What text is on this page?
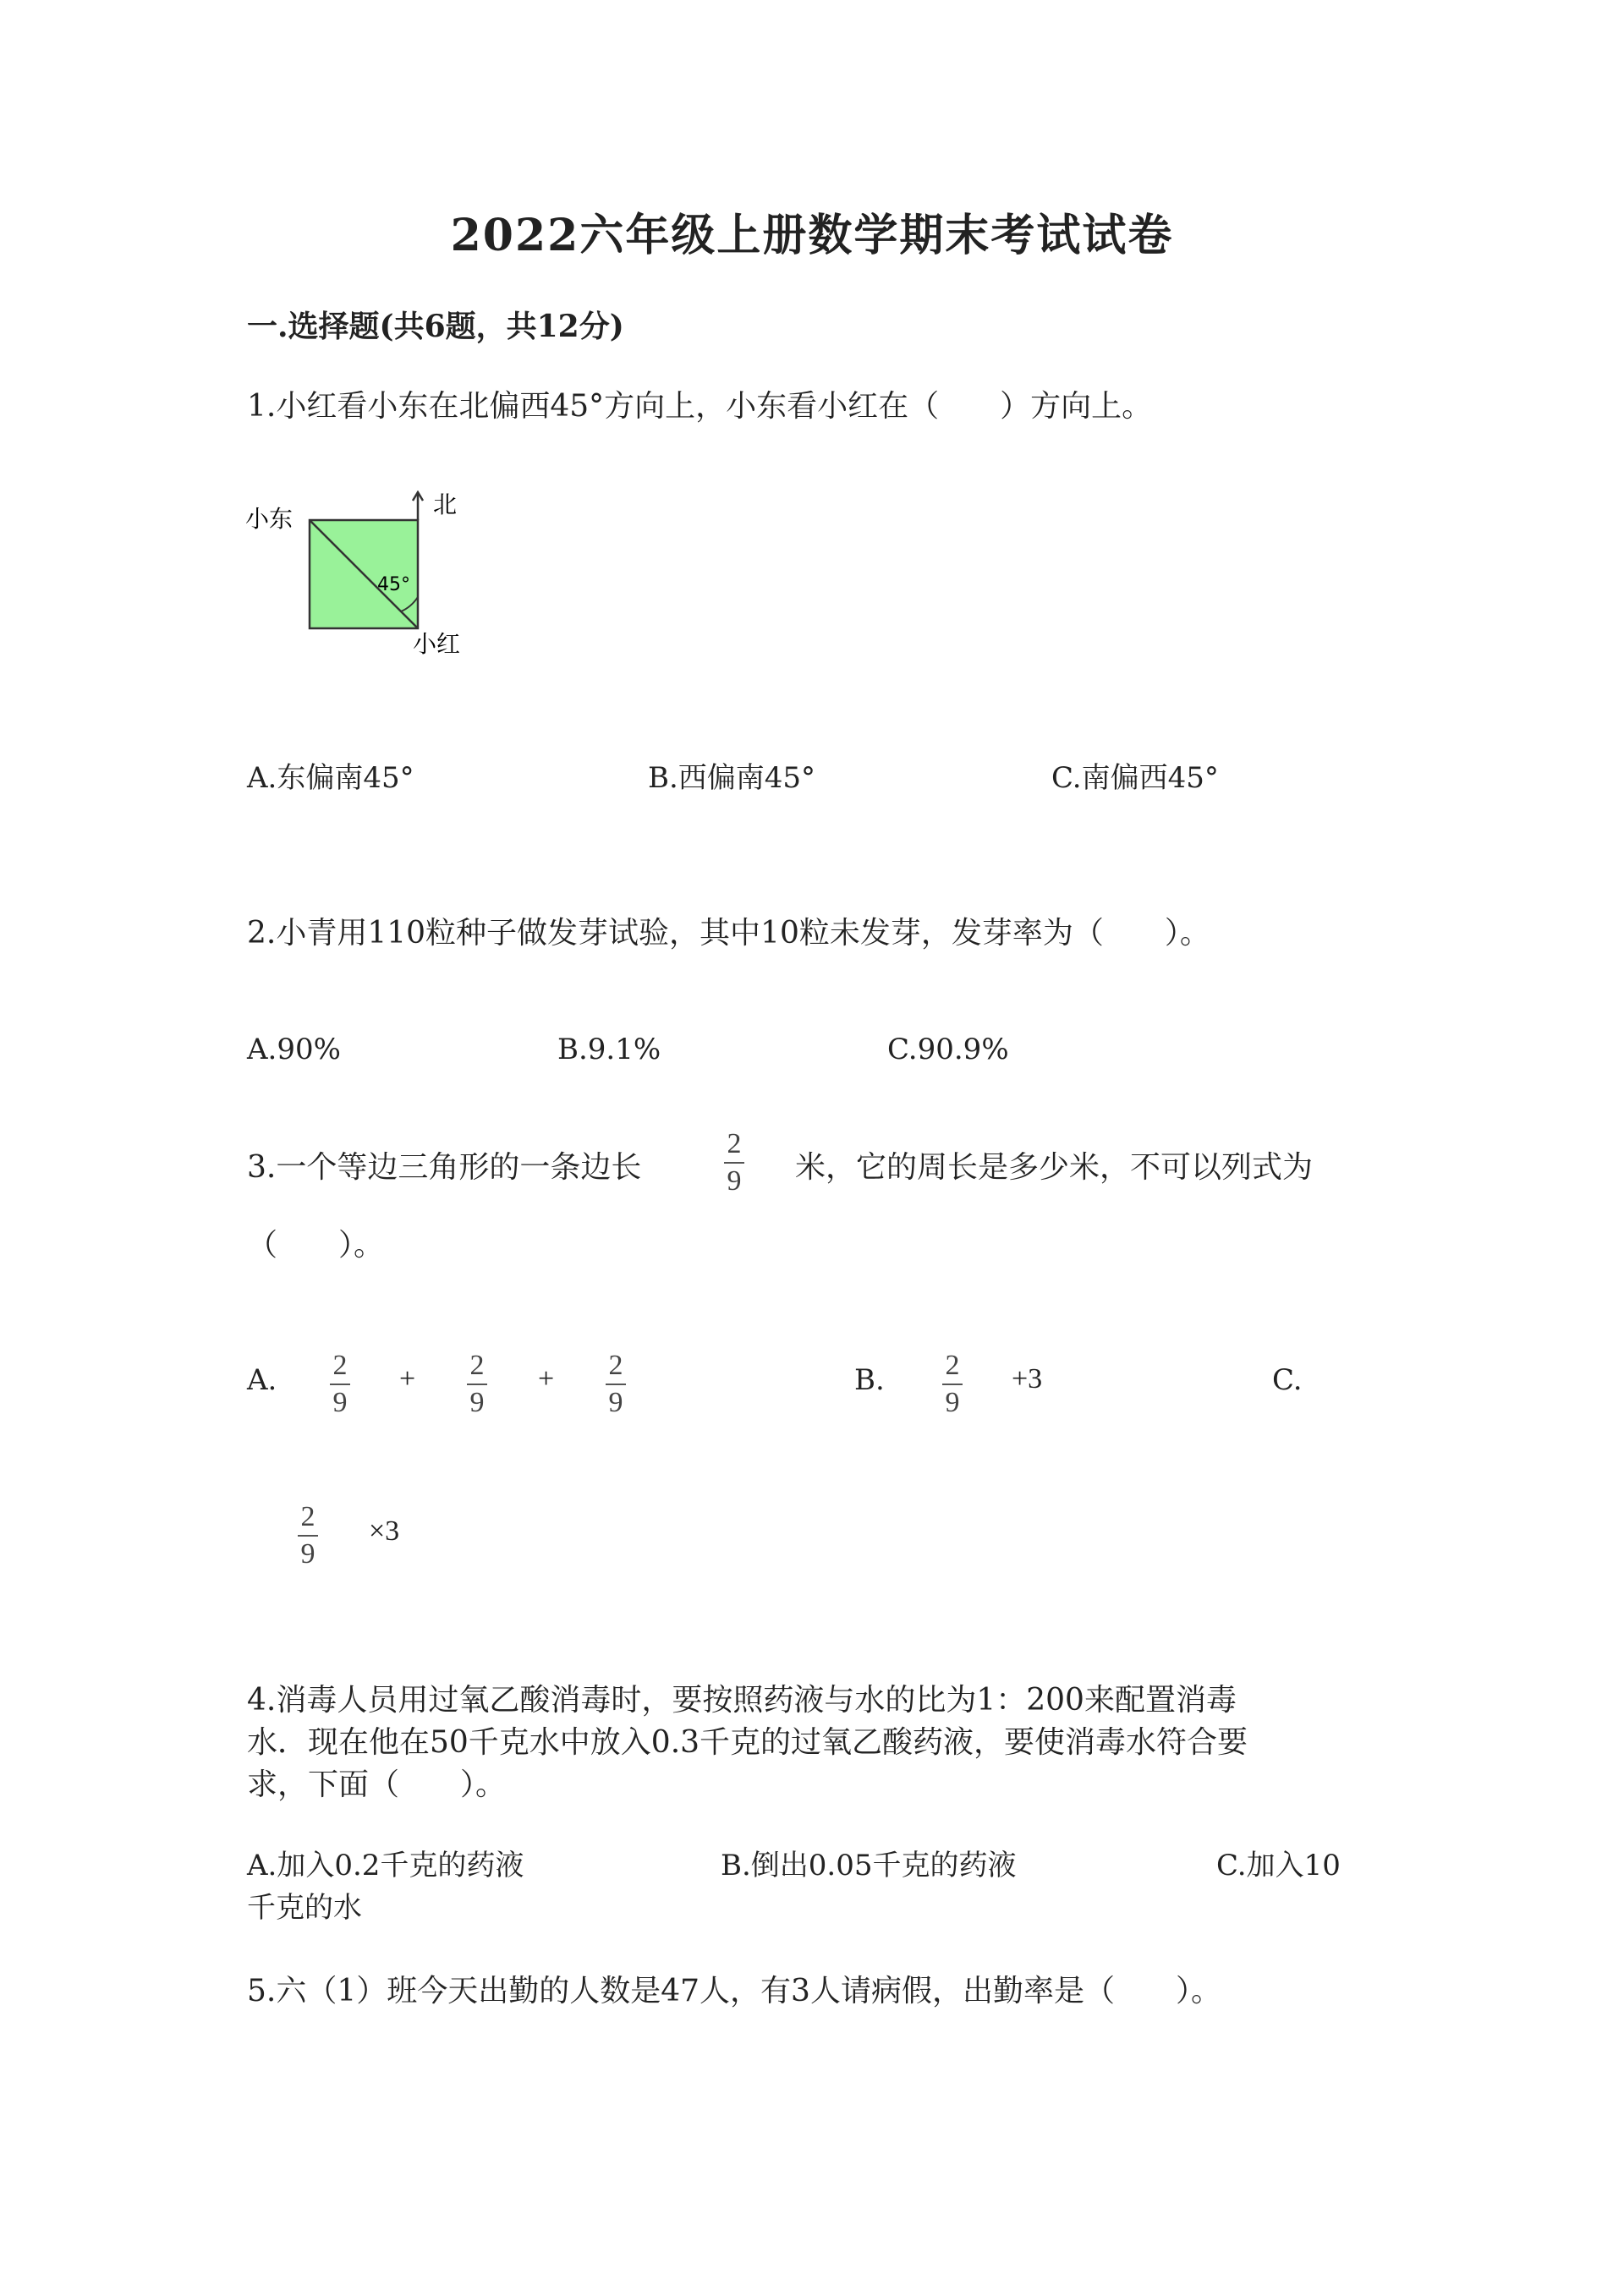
2022六年级上册数学期末考试试卷
一.选择题(共6题，共12分)
1.小红看小东在北偏西45°方向上，小东看小红在（　　）方向上。
小东
北
45°
小红
A.东偏南45°	B.西偏南45°	C.南偏西45°
2.小青用110粒种子做发芽试验，其中10粒未发芽，发芽率为（　　）。
A.90%	B.9.1%	C.90.9%
3.一个等边三角形的一条边长
2
9 米，它的周长是多少米，不可以列式为
（　　）。
A. 2
9
+ 2
9
+ 2
9
B. 2
9
+3	C.
2
9
×3
4.消毒人员用过氧乙酸消毒时，要按照药液与水的比为1：200来配置消毒
水．现在他在50千克水中放入0.3千克的过氧乙酸药液，要使消毒水符合要
求，下面（　　）。
A.加入0.2千克的药液	B.倒出0.05千克的药液	C.加入10
千克的水
5.六（1）班今天出勤的人数是47人，有3人请病假，出勤率是（　　）。
